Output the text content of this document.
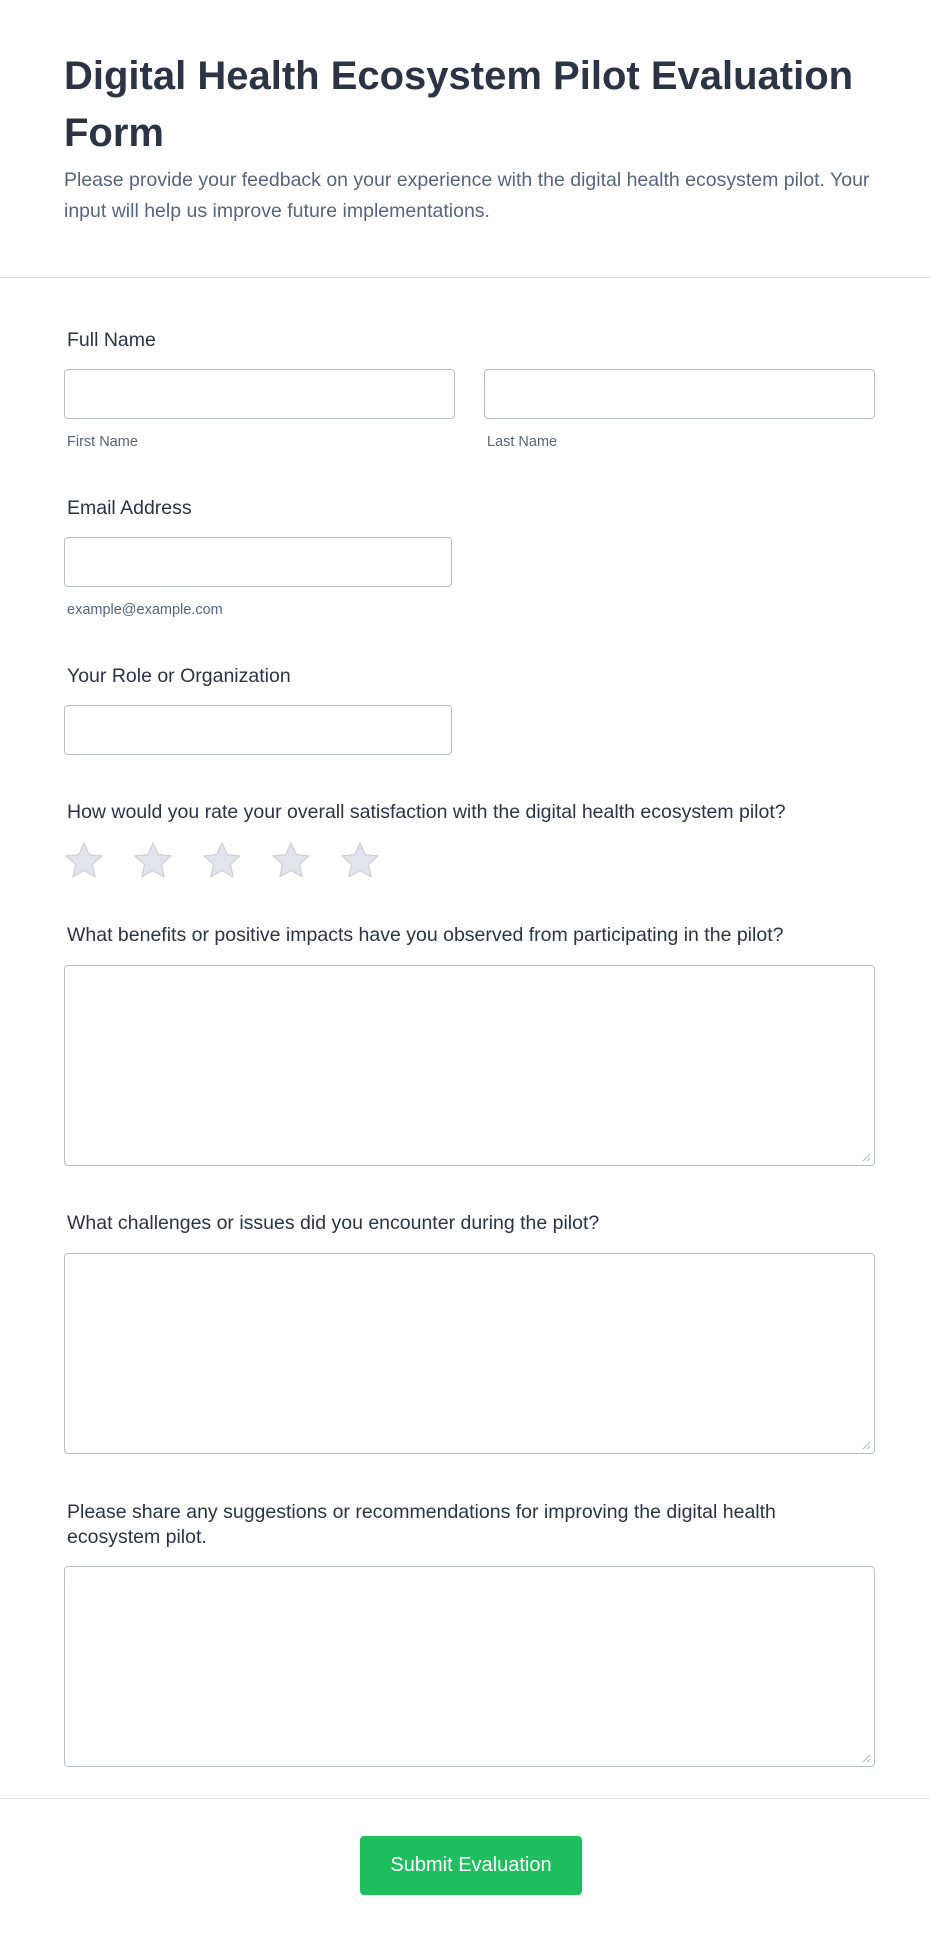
Digital Health Ecosystem Pilot Evaluation Form
Please provide your feedback on your experience with the digital health ecosystem pilot. Your input will help us improve future implementations.
Full Name
First Name	Last Name
Email Address
example@example.com
Your Role or Organization
How would you rate your overall satisfaction with the digital health ecosystem pilot?
What benefits or positive impacts have you observed from participating in the pilot?
What challenges or issues did you encounter during the pilot?
Please share any suggestions or recommendations for improving the digital health
ecosystem pilot.
Submit Evaluation
